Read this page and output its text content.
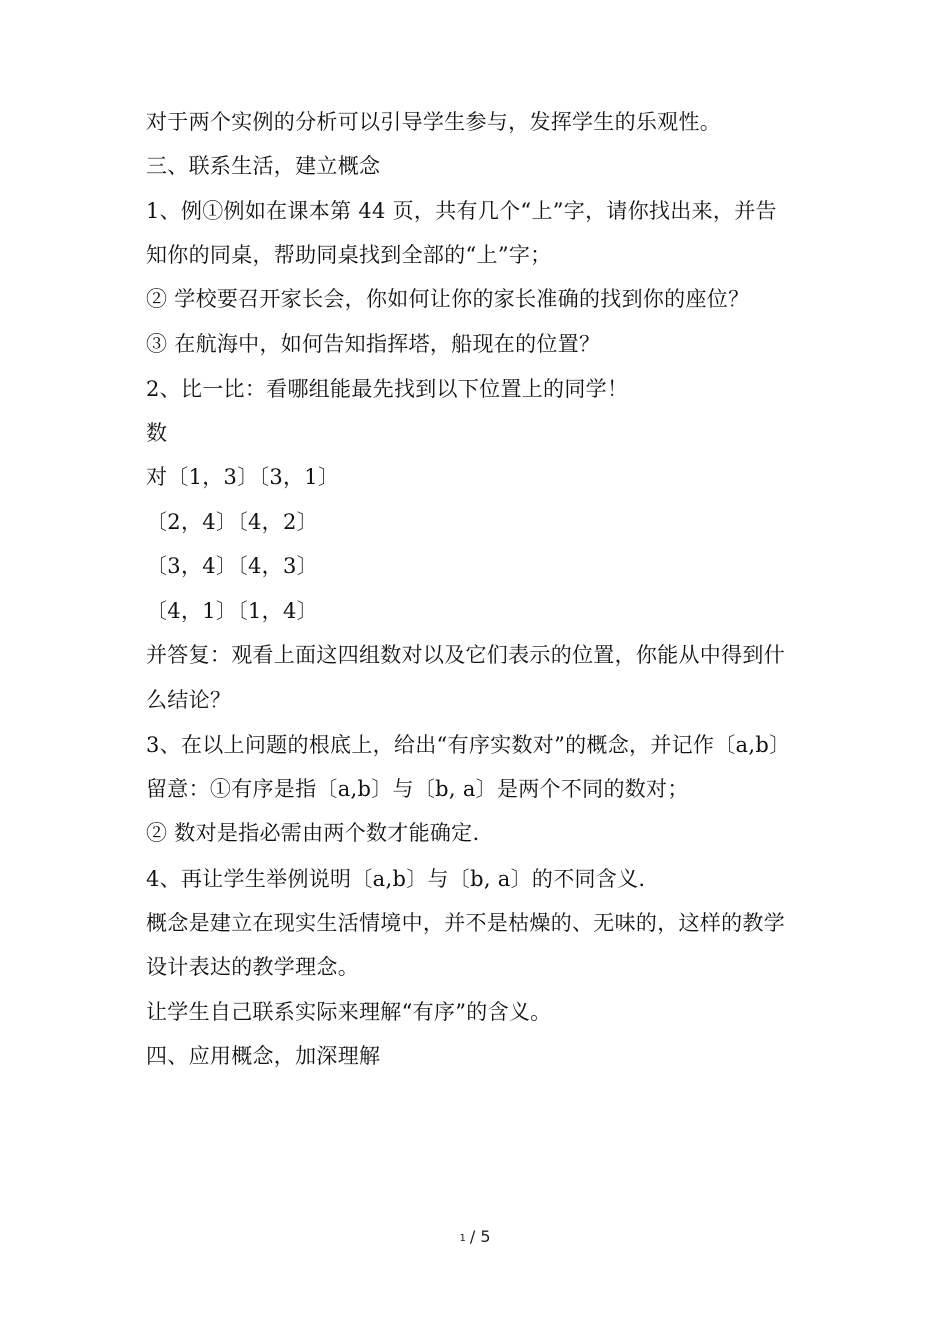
对于两个实例的分析可以引导学生参与，发挥学生的乐观性。
三、联系生活，建立概念
1、例①例如在课本第 44 页，共有几个“上”字，请你找出来，并告
知你的同桌，帮助同桌找到全部的“上”字；
② 学校要召开家长会，你如何让你的家长准确的找到你的座位？
③ 在航海中，如何告知指挥塔，船现在的位置？
2、比一比：看哪组能最先找到以下位置上的同学！
数
对〔1，3〕〔3，1〕
〔2，4〕〔4，2〕
〔3，4〕〔4，3〕
〔4，1〕〔1，4〕
并答复：观看上面这四组数对以及它们表示的位置，你能从中得到什
么结论？
3、在以上问题的根底上，给出“有序实数对”的概念，并记作〔a,b〕
留意：①有序是指〔a,b〕与〔b, a〕是两个不同的数对；
② 数对是指必需由两个数才能确定.
4、再让学生举例说明〔a,b〕与〔b, a〕的不同含义.
概念是建立在现实生活情境中，并不是枯燥的、无味的，这样的教学
设计表达的教学理念。
让学生自己联系实际来理解“有序”的含义。
四、应用概念，加深理解
1 / 5
